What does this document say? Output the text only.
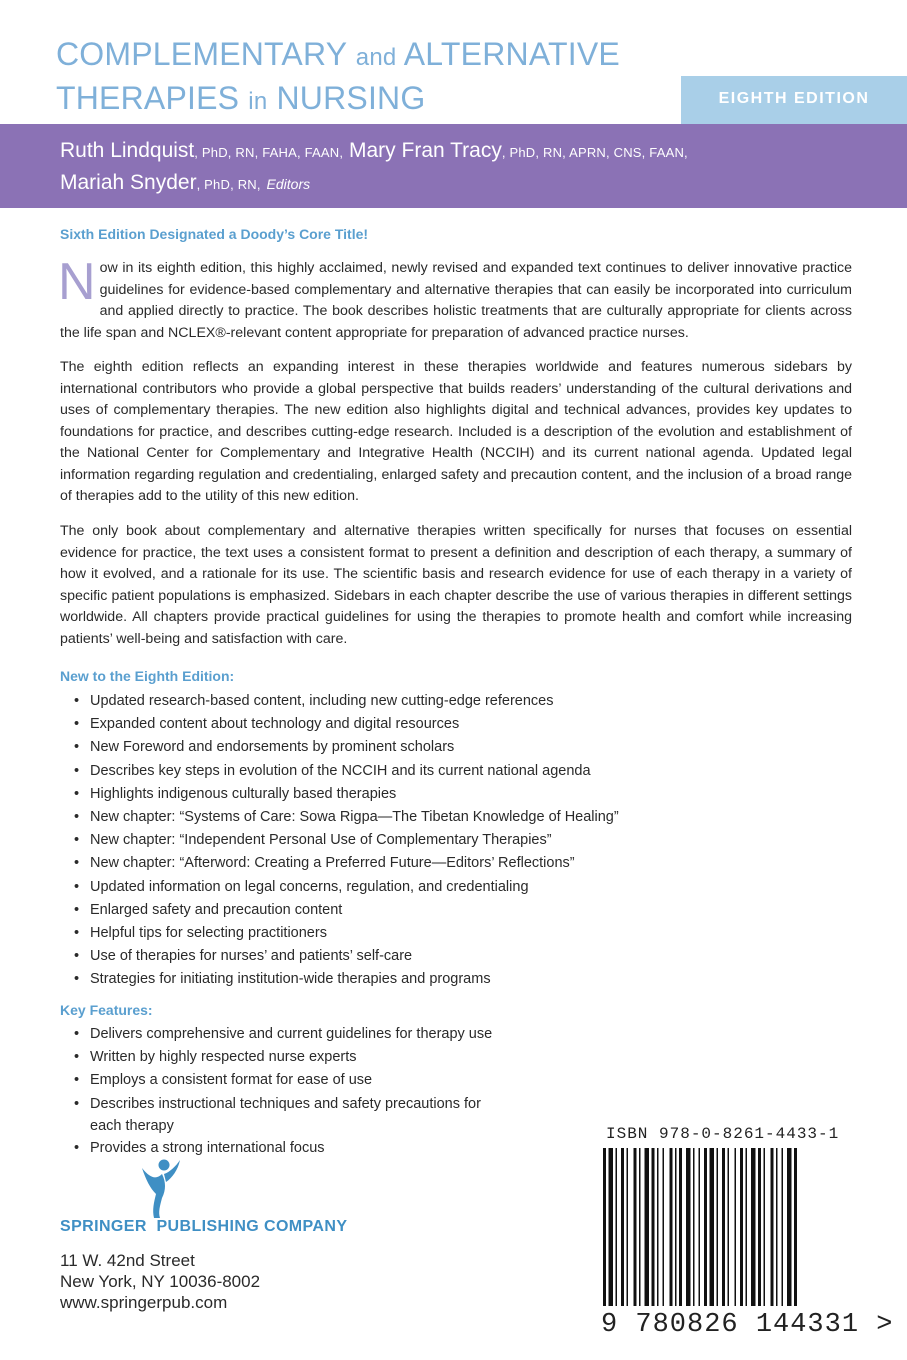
COMPLEMENTARY and ALTERNATIVE
THERAPIES in NURSING	EIGHTH EDITION
Ruth Lindquist, PhD, RN, FAHA, FAAN, Mary Fran Tracy, PhD, RN, APRN, CNS, FAAN,
Mariah Snyder, PhD, RN, Editors
Sixth Edition Designated a Doody’s Core Title!

Now in its eighth edition, this highly acclaimed, newly revised and expanded text continues to deliver innovative practice guidelines for evidence-based complementary and alternative therapies that can easily be incorporated into curriculum and applied directly to practice. The book describes holistic treatments that are culturally appropriate for clients across the life span and NCLEX®-relevant content appropriate for preparation of advanced practice nurses.

The eighth edition reflects an expanding interest in these therapies worldwide and features numerous sidebars by international contributors who provide a global perspective that builds readers’ understanding of the cultural derivations and uses of complementary therapies. The new edition also highlights digital and technical advances, provides key updates to foundations for practice, and describes cutting-edge research. Included is a description of the evolution and establishment of the National Center for Complementary and Integrative Health (NCCIH) and its current national agenda. Updated legal information regarding regulation and credentialing, enlarged safety and precaution content, and the inclusion of a broad range of therapies add to the utility of this new edition.

The only book about complementary and alternative therapies written specifically for nurses that focuses on essential evidence for practice, the text uses a consistent format to present a definition and description of each therapy, a summary of how it evolved, and a rationale for its use. The scientific basis and research evidence for use of each therapy in a variety of specific patient populations is emphasized. Sidebars in each chapter describe the use of various therapies in different settings worldwide. All chapters provide practical guidelines for using the therapies to promote health and comfort while increasing patients’ well-being and satisfaction with care.

New to the Eighth Edition:
• Updated research-based content, including new cutting-edge references
• Expanded content about technology and digital resources
• New Foreword and endorsements by prominent scholars
• Describes key steps in evolution of the NCCIH and its current national agenda
• Highlights indigenous culturally based therapies
• New chapter: “Systems of Care: Sowa Rigpa—The Tibetan Knowledge of Healing”
• New chapter: “Independent Personal Use of Complementary Therapies”
• New chapter: “Afterword: Creating a Preferred Future—Editors’ Reflections”
• Updated information on legal concerns, regulation, and credentialing
• Enlarged safety and precaution content
• Helpful tips for selecting practitioners
• Use of therapies for nurses’ and patients’ self-care
• Strategies for initiating institution-wide therapies and programs
Key Features:
• Delivers comprehensive and current guidelines for therapy use
• Written by highly respected nurse experts
• Employs a consistent format for ease of use
• Describes instructional techniques and safety precautions for each therapy
• Provides a strong international focus
SPRINGER PUBLISHING COMPANY
11 W. 42nd Street
New York, NY 10036-8002
www.springerpub.com
ISBN 978-0-8261-4433-1
9 780826 144331 >
